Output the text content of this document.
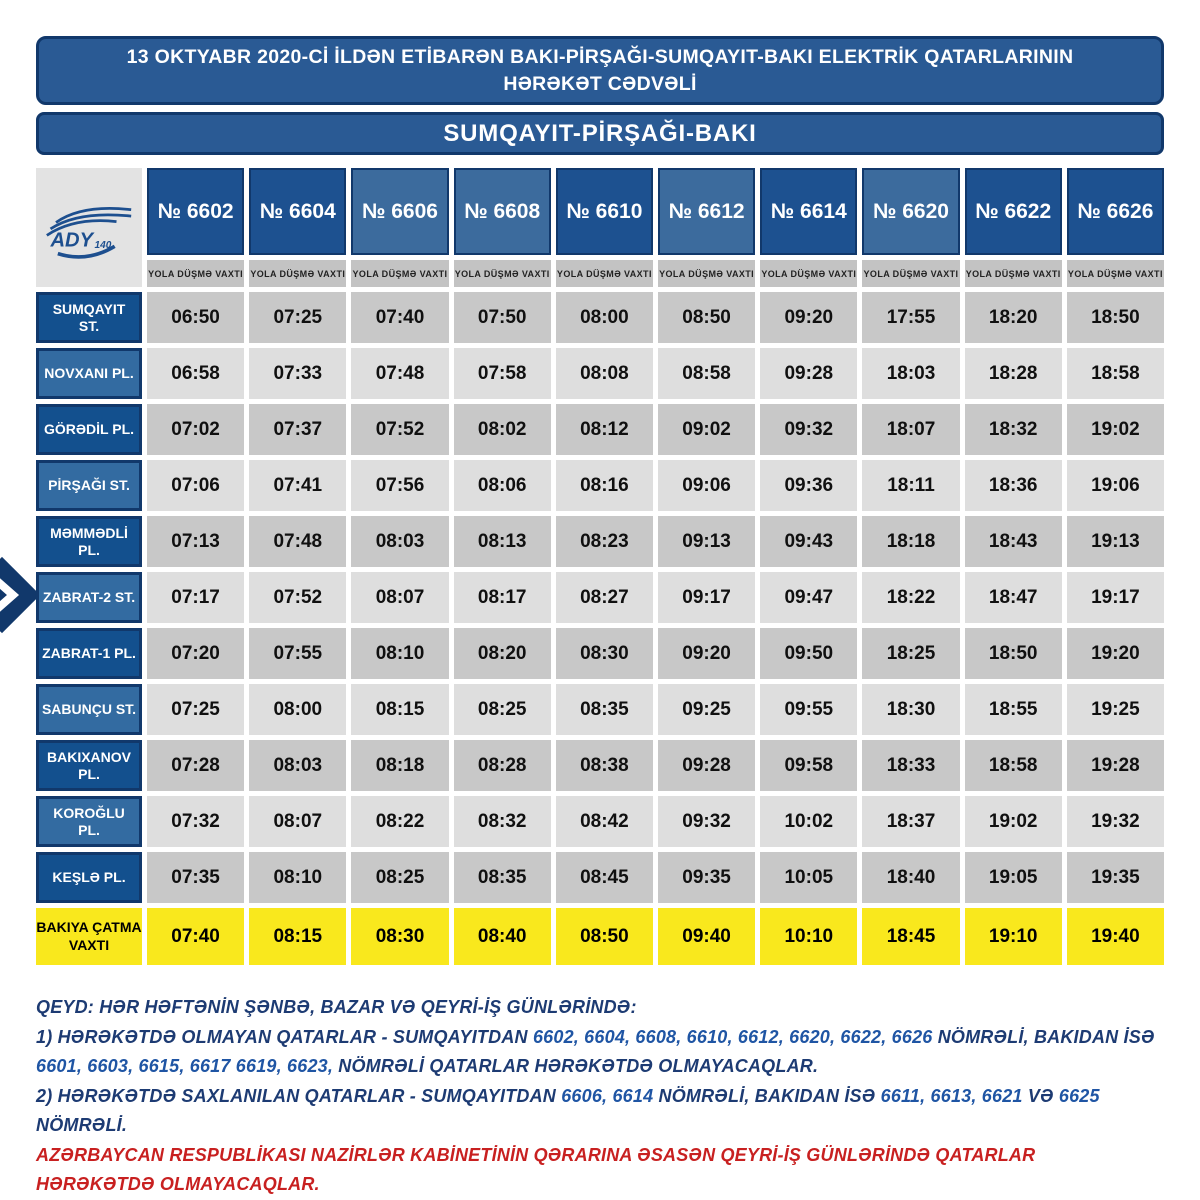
13 OKTYABR 2020-Cİ İLDƏN ETİBARƏN BAKI-PİRŞAĞI-SUMQAYIT-BAKI ELEKTRİK QATARLARININ
HƏRƏKƏT CƏDVƏLİ
SUMQAYIT-PİRŞAĞI-BAKI
ADY 140
№ 6602
YOLA DÜŞMƏ VAXTI
№ 6604
YOLA DÜŞMƏ VAXTI
№ 6606
YOLA DÜŞMƏ VAXTI
№ 6608
YOLA DÜŞMƏ VAXTI
№ 6610
YOLA DÜŞMƏ VAXTI
№ 6612
YOLA DÜŞMƏ VAXTI
№ 6614
YOLA DÜŞMƏ VAXTI
№ 6620
YOLA DÜŞMƏ VAXTI
№ 6622
YOLA DÜŞMƏ VAXTI
№ 6626
YOLA DÜŞMƏ VAXTI
SUMQAYIT ST.	06:50	07:25	07:40	07:50	08:00	08:50	09:20	17:55	18:20	18:50
NOVXANI PL.	06:58	07:33	07:48	07:58	08:08	08:58	09:28	18:03	18:28	18:58
GÖRƏDİL PL.	07:02	07:37	07:52	08:02	08:12	09:02	09:32	18:07	18:32	19:02
PİRŞAĞI ST.	07:06	07:41	07:56	08:06	08:16	09:06	09:36	18:11	18:36	19:06
MƏMMƏDLİ PL.	07:13	07:48	08:03	08:13	08:23	09:13	09:43	18:18	18:43	19:13
ZABRAT-2 ST.	07:17	07:52	08:07	08:17	08:27	09:17	09:47	18:22	18:47	19:17
ZABRAT-1 PL.	07:20	07:55	08:10	08:20	08:30	09:20	09:50	18:25	18:50	19:20
SABUNÇU ST.	07:25	08:00	08:15	08:25	08:35	09:25	09:55	18:30	18:55	19:25
BAKIXANOV PL.	07:28	08:03	08:18	08:28	08:38	09:28	09:58	18:33	18:58	19:28
KOROĞLU PL.	07:32	08:07	08:22	08:32	08:42	09:32	10:02	18:37	19:02	19:32
KEŞLƏ PL.	07:35	08:10	08:25	08:35	08:45	09:35	10:05	18:40	19:05	19:35
BAKIYA ÇATMA VAXTI	07:40	08:15	08:30	08:40	08:50	09:40	10:10	18:45	19:10	19:40
QEYD: HƏR HƏFTƏNİN ŞƏNBƏ, BAZAR VƏ QEYRİ-İŞ GÜNLƏRİNDƏ:
1) HƏRƏKƏTDƏ OLMAYAN QATARLAR - SUMQAYITDAN 6602, 6604, 6608, 6610, 6612, 6620, 6622, 6626 NÖMRƏLİ, BAKIDAN İSƏ
6601, 6603, 6615, 6617 6619, 6623, NÖMRƏLİ QATARLAR HƏRƏKƏTDƏ OLMAYACAQLAR.
2) HƏRƏKƏTDƏ SAXLANILAN QATARLAR - SUMQAYITDAN 6606, 6614 NÖMRƏLİ, BAKIDAN İSƏ 6611, 6613, 6621 VƏ 6625 NÖMRƏLİ.
AZƏRBAYCAN RESPUBLİKASI NAZİRLƏR KABİNETİNİN QƏRARINA ƏSASƏN QEYRİ-İŞ GÜNLƏRİNDƏ QATARLAR
HƏRƏKƏTDƏ OLMAYACAQLAR.
